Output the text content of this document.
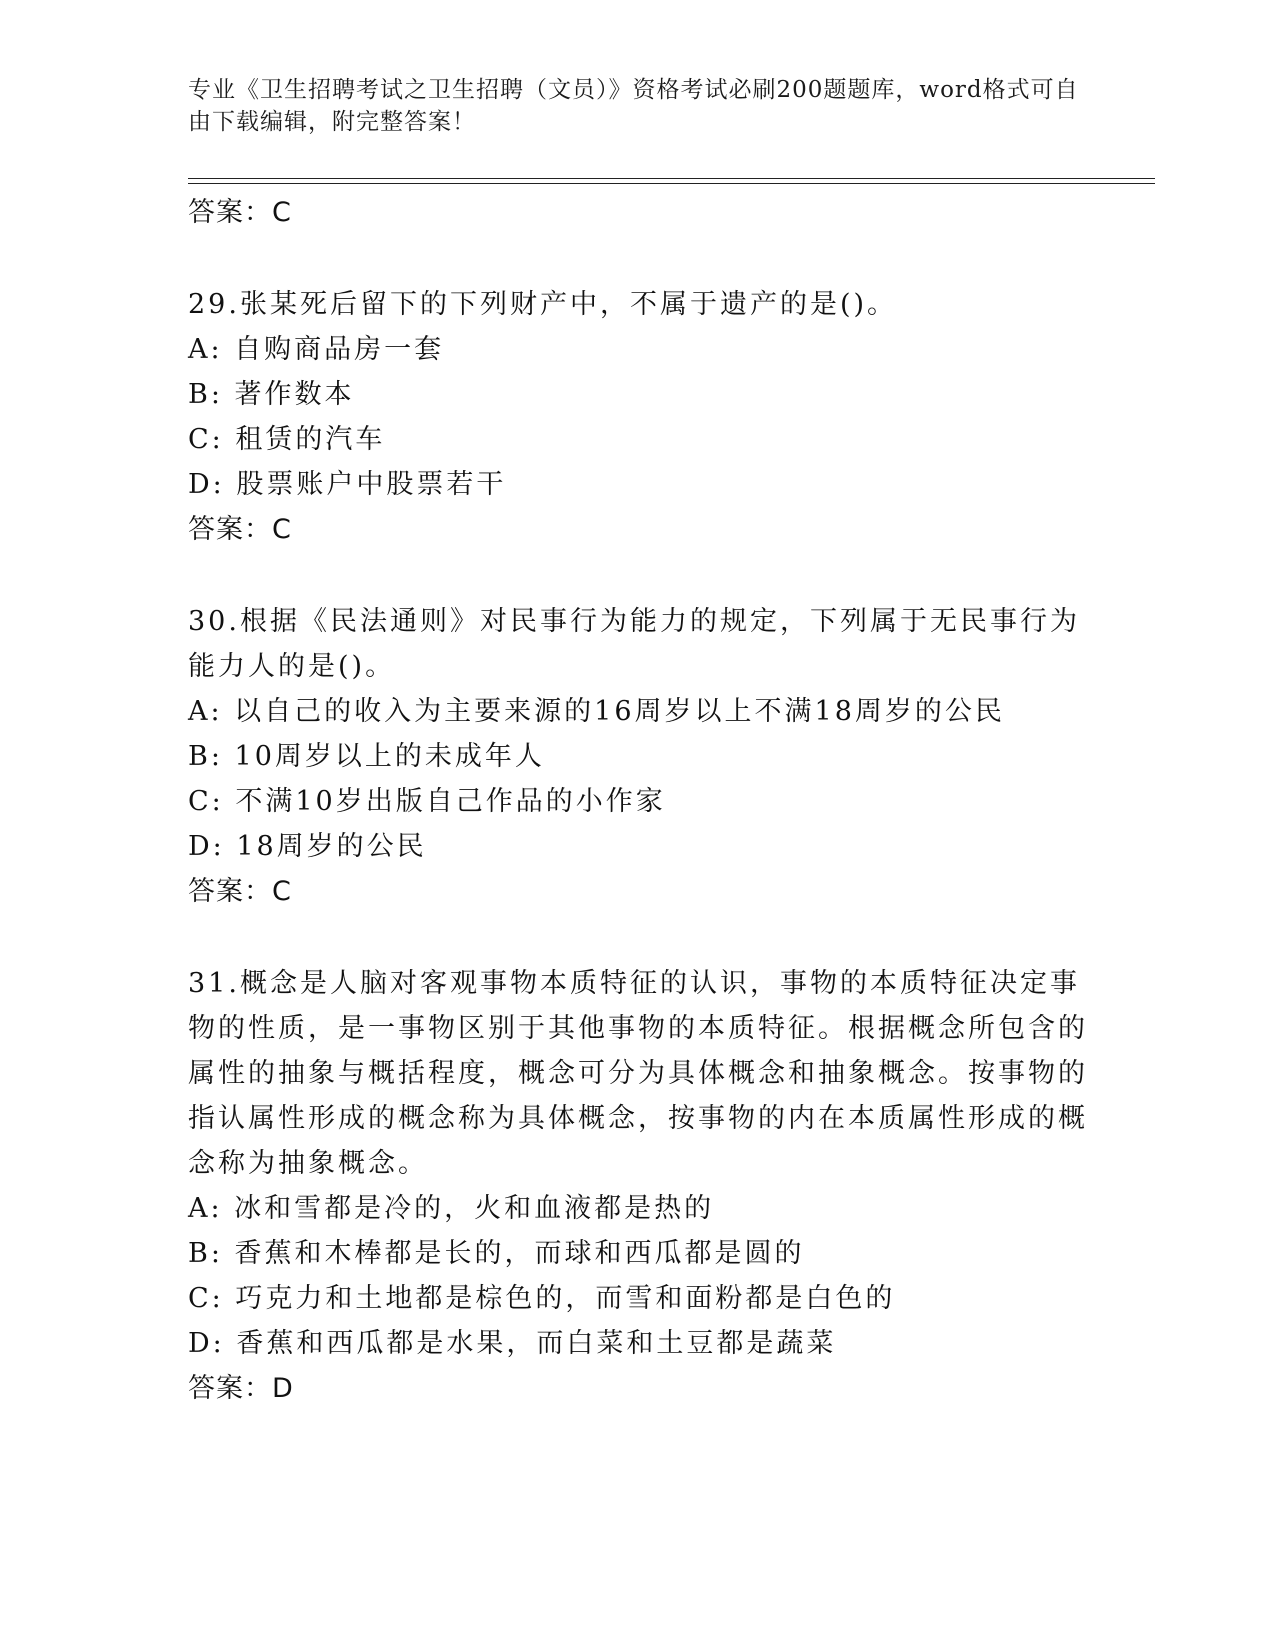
专业《卫生招聘考试之卫生招聘（文员）》资格考试必刷200题题库，word格式可自由下载编辑，附完整答案！
答案：C
29.张某死后留下的下列财产中，不属于遗产的是()。
A: 自购商品房一套
B: 著作数本
C: 租赁的汽车
D: 股票账户中股票若干
答案：C
30.根据《民法通则》对民事行为能力的规定，下列属于无民事行为能力人的是()。
A: 以自己的收入为主要来源的16周岁以上不满18周岁的公民
B: 10周岁以上的未成年人
C: 不满10岁出版自己作品的小作家
D: 18周岁的公民
答案：C
31.概念是人脑对客观事物本质特征的认识，事物的本质特征决定事物的性质，是一事物区别于其他事物的本质特征。根据概念所包含的属性的抽象与概括程度，概念可分为具体概念和抽象概念。按事物的指认属性形成的概念称为具体概念，按事物的内在本质属性形成的概念称为抽象概念。
A: 冰和雪都是冷的，火和血液都是热的
B: 香蕉和木棒都是长的，而球和西瓜都是圆的
C: 巧克力和土地都是棕色的，而雪和面粉都是白色的
D: 香蕉和西瓜都是水果，而白菜和土豆都是蔬菜
答案：D
